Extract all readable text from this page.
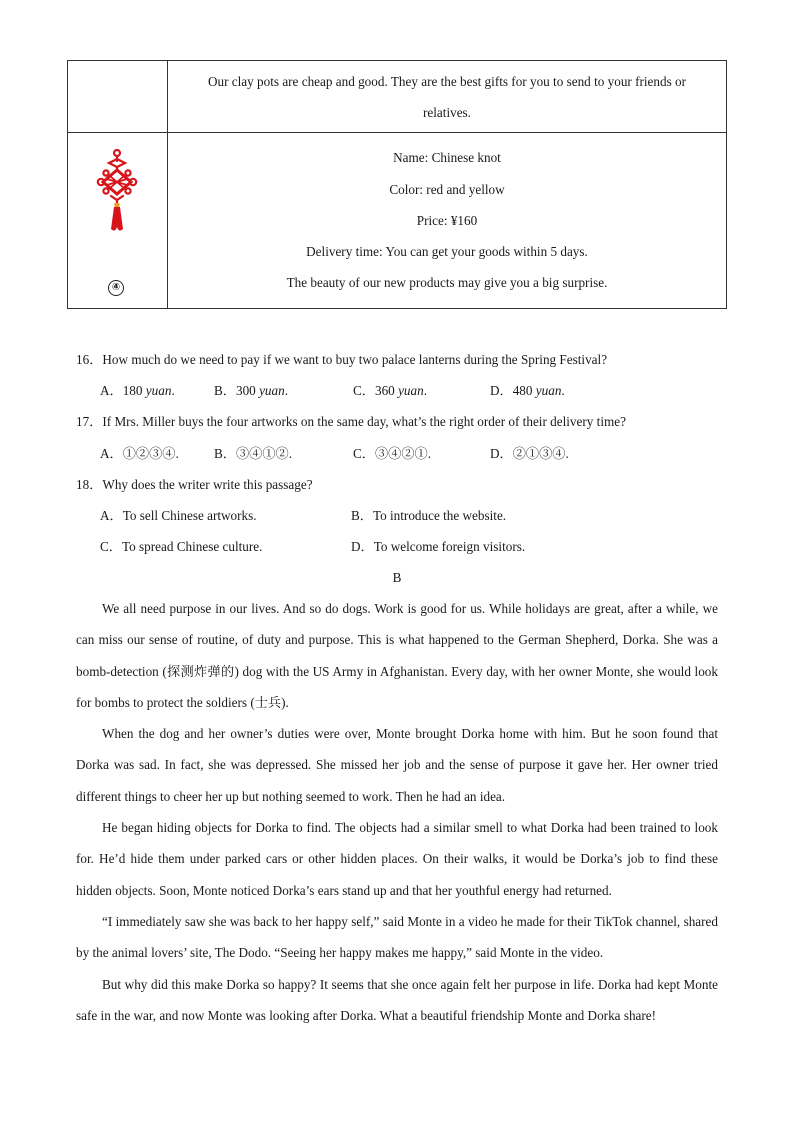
	Our clay pots are cheap and good. They are the best gifts for you to send to your friends or relatives.

④	Name: Chinese knot

Color: red and yellow

Price: ¥160

Delivery time: You can get your goods within 5 days.

The beauty of our new products may give you a big surprise.

16．How much do we need to pay if we want to buy two palace lanterns during the Spring Festival?
A．180 yuan.	B．300 yuan.	C．360 yuan.	D．480 yuan.
17．If Mrs. Miller buys the four artworks on the same day, what’s the right order of their delivery time?
A．①②③④.	B．③④①②.	C．③④②①.	D．②①③④.
18．Why does the writer write this passage?
A．To sell Chinese artworks.	B．To introduce the website.
C．To spread Chinese culture.	D．To welcome foreign visitors.
B

We all need purpose in our lives. And so do dogs. Work is good for us. While holidays are great, after a while, we can miss our sense of routine, of duty and purpose. This is what happened to the German Shepherd, Dorka. She was a bomb-detection (探测炸弹的) dog with the US Army in Afghanistan. Every day, with her owner Monte, she would look for bombs to protect the soldiers (士兵).

When the dog and her owner’s duties were over, Monte brought Dorka home with him. But he soon found that Dorka was sad. In fact, she was depressed. She missed her job and the sense of purpose it gave her. Her owner tried different things to cheer her up but nothing seemed to work. Then he had an idea.

He began hiding objects for Dorka to find. The objects had a similar smell to what Dorka had been trained to look for. He’d hide them under parked cars or other hidden places. On their walks, it would be Dorka’s job to find these hidden objects. Soon, Monte noticed Dorka’s ears stand up and that her youthful energy had returned.

“I immediately saw she was back to her happy self,” said Monte in a video he made for their TikTok channel, shared by the animal lovers’ site, The Dodo. “Seeing her happy makes me happy,” said Monte in the video.

But why did this make Dorka so happy? It seems that she once again felt her purpose in life. Dorka had kept Monte safe in the war, and now Monte was looking after Dorka. What a beautiful friendship Monte and Dorka share!
